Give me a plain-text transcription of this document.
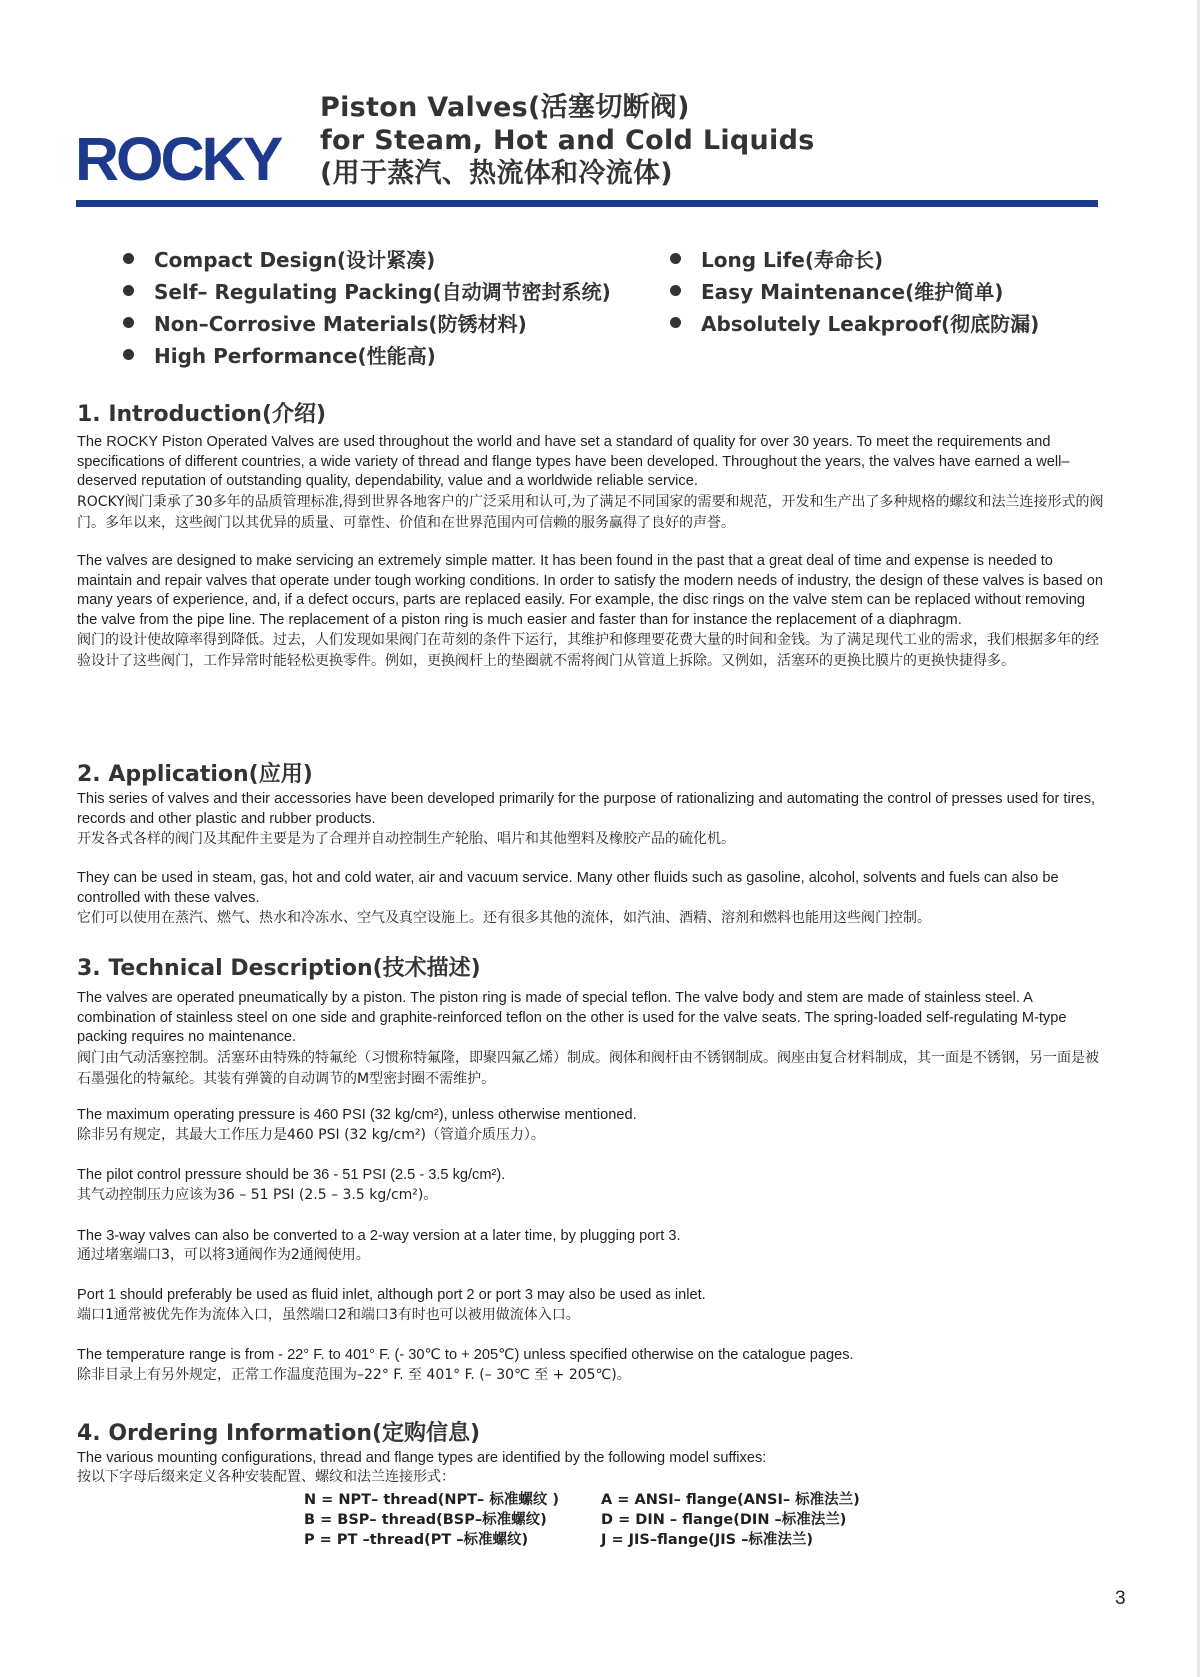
ROCKY
Piston Valves(活塞切断阀)
for Steam, Hot and Cold Liquids
(用于蒸汽、热流体和冷流体)
Compact Design(设计紧凑)
Self– Regulating Packing(自动调节密封系统)
Non–Corrosive Materials(防锈材料)
High Performance(性能高)
Long Life(寿命长)
Easy Maintenance(维护简单)
Absolutely Leakproof(彻底防漏)
1. Introduction(介绍)
The ROCKY Piston Operated Valves are used throughout the world and have set a standard of quality for over 30 years. To meet the requirements and specifications of different countries, a wide variety of thread and flange types have been developed. Throughout the years, the valves have earned a well–deserved reputation of outstanding quality, dependability, value and a worldwide reliable service.
ROCKY阀门秉承了30多年的品质管理标准,得到世界各地客户的广泛采用和认可,为了满足不同国家的需要和规范，开发和生产出了多种规格的螺纹和法兰连接形式的阀门。多年以来，这些阀门以其优异的质量、可靠性、价值和在世界范围内可信赖的服务赢得了良好的声誉。
The valves are designed to make servicing an extremely simple matter. It has been found in the past that a great deal of time and expense is needed to maintain and repair valves that operate under tough working conditions. In order to satisfy the modern needs of industry, the design of these valves is based on many years of experience, and, if a defect occurs, parts are replaced easily. For example, the disc rings on the valve stem can be replaced without removing the valve from the pipe line. The replacement of a piston ring is much easier and faster than for instance the replacement of a diaphragm.
阀门的设计使故障率得到降低。过去，人们发现如果阀门在苛刻的条件下运行，其维护和修理要花费大量的时间和金钱。为了满足现代工业的需求，我们根据多年的经验设计了这些阀门，工作异常时能轻松更换零件。例如，更换阀杆上的垫圈就不需将阀门从管道上拆除。又例如，活塞环的更换比膜片的更换快捷得多。
2. Application(应用)
This series of valves and their accessories have been developed primarily for the purpose of rationalizing and automating the control of presses used for tires, records and other plastic and rubber products.
开发各式各样的阀门及其配件主要是为了合理并自动控制生产轮胎、唱片和其他塑料及橡胶产品的硫化机。
They can be used in steam, gas, hot and cold water, air and vacuum service. Many other fluids such as gasoline, alcohol, solvents and fuels can also be controlled with these valves.
它们可以使用在蒸汽、燃气、热水和冷冻水、空气及真空设施上。还有很多其他的流体，如汽油、酒精、溶剂和燃料也能用这些阀门控制。
3. Technical Description(技术描述)
The valves are operated pneumatically by a piston. The piston ring is made of special teflon. The valve body and stem are made of stainless steel. A combination of stainless steel on one side and graphite-reinforced teflon on the other is used for the valve seats. The spring-loaded self-regulating M-type packing requires no maintenance.
阀门由气动活塞控制。活塞环由特殊的特氟纶（习惯称特氟隆，即聚四氟乙烯）制成。阀体和阀杆由不锈钢制成。阀座由复合材料制成，其一面是不锈钢，另一面是被石墨强化的特氟纶。其装有弹簧的自动调节的M型密封圈不需维护。
The maximum operating pressure is 460 PSI (32 kg/cm²), unless otherwise mentioned.
除非另有规定，其最大工作压力是460 PSI (32 kg/cm²)（管道介质压力）。
The pilot control pressure should be 36 - 51 PSI (2.5 - 3.5 kg/cm²).
其气动控制压力应该为36 – 51 PSI (2.5 – 3.5 kg/cm²)。
The 3-way valves can also be converted to a 2-way version at a later time, by plugging port 3.
通过堵塞端口3，可以将3通阀作为2通阀使用。
Port 1 should preferably be used as fluid inlet, although port 2 or port 3 may also be used as inlet.
端口1通常被优先作为流体入口，虽然端口2和端口3有时也可以被用做流体入口。
The temperature range is from - 22° F. to 401° F. (- 30℃ to + 205℃) unless specified otherwise on the catalogue pages.
除非目录上有另外规定，正常工作温度范围为–22° F. 至 401° F. (– 30℃ 至 + 205℃)。
4. Ordering Information(定购信息)
The various mounting configurations, thread and flange types are identified by the following model suffixes:
按以下字母后缀来定义各种安装配置、螺纹和法兰连接形式：
N = NPT– thread(NPT– 标准螺纹 )
B = BSP– thread(BSP–标准螺纹)
P = PT –thread(PT –标准螺纹)
A = ANSI– flange(ANSI– 标准法兰)
D = DIN – flange(DIN –标准法兰)
J = JIS–flange(JIS –标准法兰)
3
